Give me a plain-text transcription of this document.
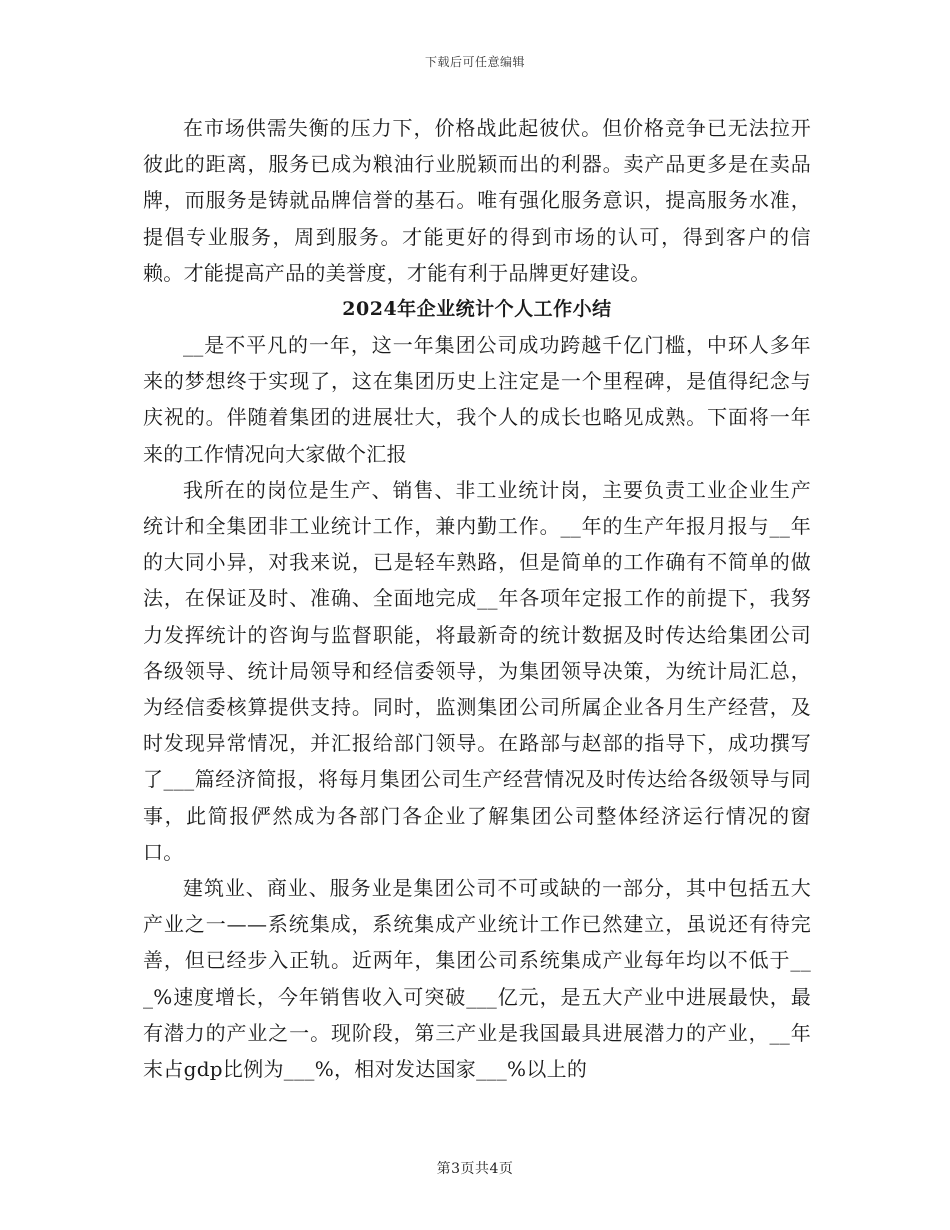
下载后可任意编辑

在市场供需失衡的压力下，价格战此起彼伏。但价格竞争已无法拉开彼此的距离，服务已成为粮油行业脱颖而出的利器。卖产品更多是在卖品牌，而服务是铸就品牌信誉的基石。唯有强化服务意识，提高服务水准，提倡专业服务，周到服务。才能更好的得到市场的认可，得到客户的信赖。才能提高产品的美誉度，才能有利于品牌更好建设。

2024年企业统计个人工作小结

__是不平凡的一年，这一年集团公司成功跨越千亿门槛，中环人多年来的梦想终于实现了，这在集团历史上注定是一个里程碑，是值得纪念与庆祝的。伴随着集团的进展壮大，我个人的成长也略见成熟。下面将一年来的工作情况向大家做个汇报

我所在的岗位是生产、销售、非工业统计岗，主要负责工业企业生产统计和全集团非工业统计工作，兼内勤工作。__年的生产年报月报与__年的大同小异，对我来说，已是轻车熟路，但是简单的工作确有不简单的做法，在保证及时、准确、全面地完成__年各项年定报工作的前提下，我努力发挥统计的咨询与监督职能，将最新奇的统计数据及时传达给集团公司各级领导、统计局领导和经信委领导，为集团领导决策，为统计局汇总，为经信委核算提供支持。同时，监测集团公司所属企业各月生产经营，及时发现异常情况，并汇报给部门领导。在路部与赵部的指导下，成功撰写了___篇经济简报，将每月集团公司生产经营情况及时传达给各级领导与同事，此简报俨然成为各部门各企业了解集团公司整体经济运行情况的窗口。

建筑业、商业、服务业是集团公司不可或缺的一部分，其中包括五大产业之一——系统集成，系统集成产业统计工作已然建立，虽说还有待完善，但已经步入正轨。近两年，集团公司系统集成产业每年均以不低于___%速度增长，今年销售收入可突破___亿元，是五大产业中进展最快，最有潜力的产业之一。现阶段，第三产业是我国最具进展潜力的产业，__年末占gdp比例为___%，相对发达国家___%以上的

第3页共4页
